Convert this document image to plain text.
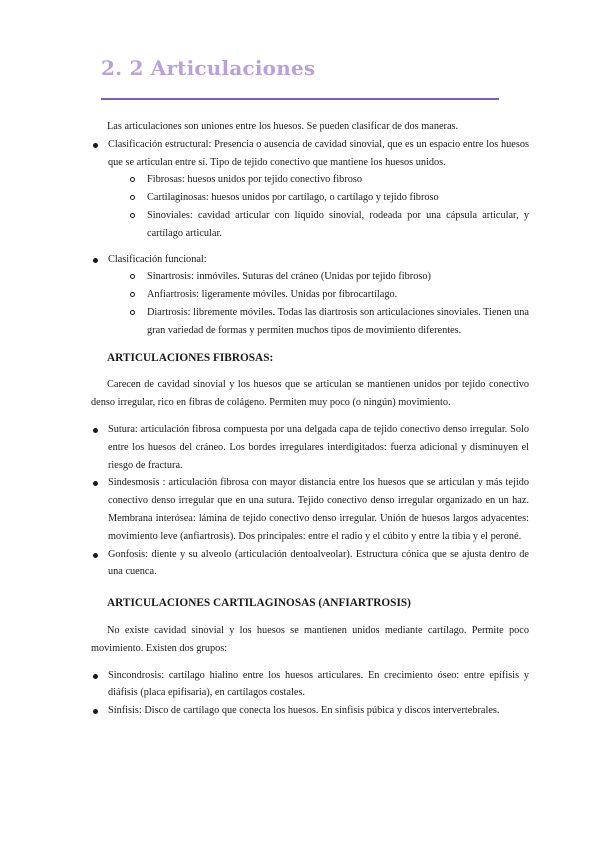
2. 2 Articulaciones

Las articulaciones son uniones entre los huesos. Se pueden clasificar de dos maneras.

Clasificación estructural: Presencia o ausencia de cavidad sinovial, que es un espacio entre los huesos que se articulan entre sí. Tipo de tejido conectivo que mantiene los huesos unidos.
Fibrosas: huesos unidos por tejido conectivo fibroso
Cartilaginosas: huesos unidos por cartílago, o cartílago y tejido fibroso
Sinoviales: cavidad articular con líquido sinovial, rodeada por una cápsula articular, y cartílago articular.
Clasificación funcional:
Sinartrosis: inmóviles. Suturas del cráneo (Unidas por tejido fibroso)
Anfiartrosis: ligeramente móviles. Unidas por fibrocartílago.
Diartrosis: libremente móviles. Todas las diartrosis son articulaciones sinoviales. Tienen una gran variedad de formas y permiten muchos tipos de movimiento diferentes.
ARTICULACIONES FIBROSAS:

Carecen de cavidad sinovial y los huesos que se articulan se mantienen unidos por tejido conectivo denso irregular, rico en fibras de colágeno. Permiten muy poco (o ningún) movimiento.

Sutura: articulación fibrosa compuesta por una delgada capa de tejido conectivo denso irregular. Solo entre los huesos del cráneo. Los bordes irregulares interdigitados: fuerza adicional y disminuyen el riesgo de fractura.
Sindesmosis : articulación fibrosa con mayor distancia entre los huesos que se articulan y más tejido conectivo denso irregular que en una sutura. Tejido conectivo denso irregular organizado en un haz. Membrana interósea: lámina de tejido conectivo denso irregular. Unión de huesos largos adyacentes: movimiento leve (anfiartrosis). Dos principales: entre el radio y el cúbito y entre la tibia y el peroné.
Gonfosis: diente y su alveolo (articulación dentoalveolar). Estructura cónica que se ajusta dentro de una cuenca.
ARTICULACIONES CARTILAGINOSAS (ANFIARTROSIS)

No existe cavidad sinovial y los huesos se mantienen unidos mediante cartílago. Permite poco movimiento. Existen dos grupos:

Sincondrosis: cartílago hialino entre los huesos articulares. En crecimiento óseo: entre epífisis y diáfisis (placa epifisaria), en cartílagos costales.
Sínfisis: Disco de cartílago que conecta los huesos. En sínfisis púbica y discos intervertebrales.
